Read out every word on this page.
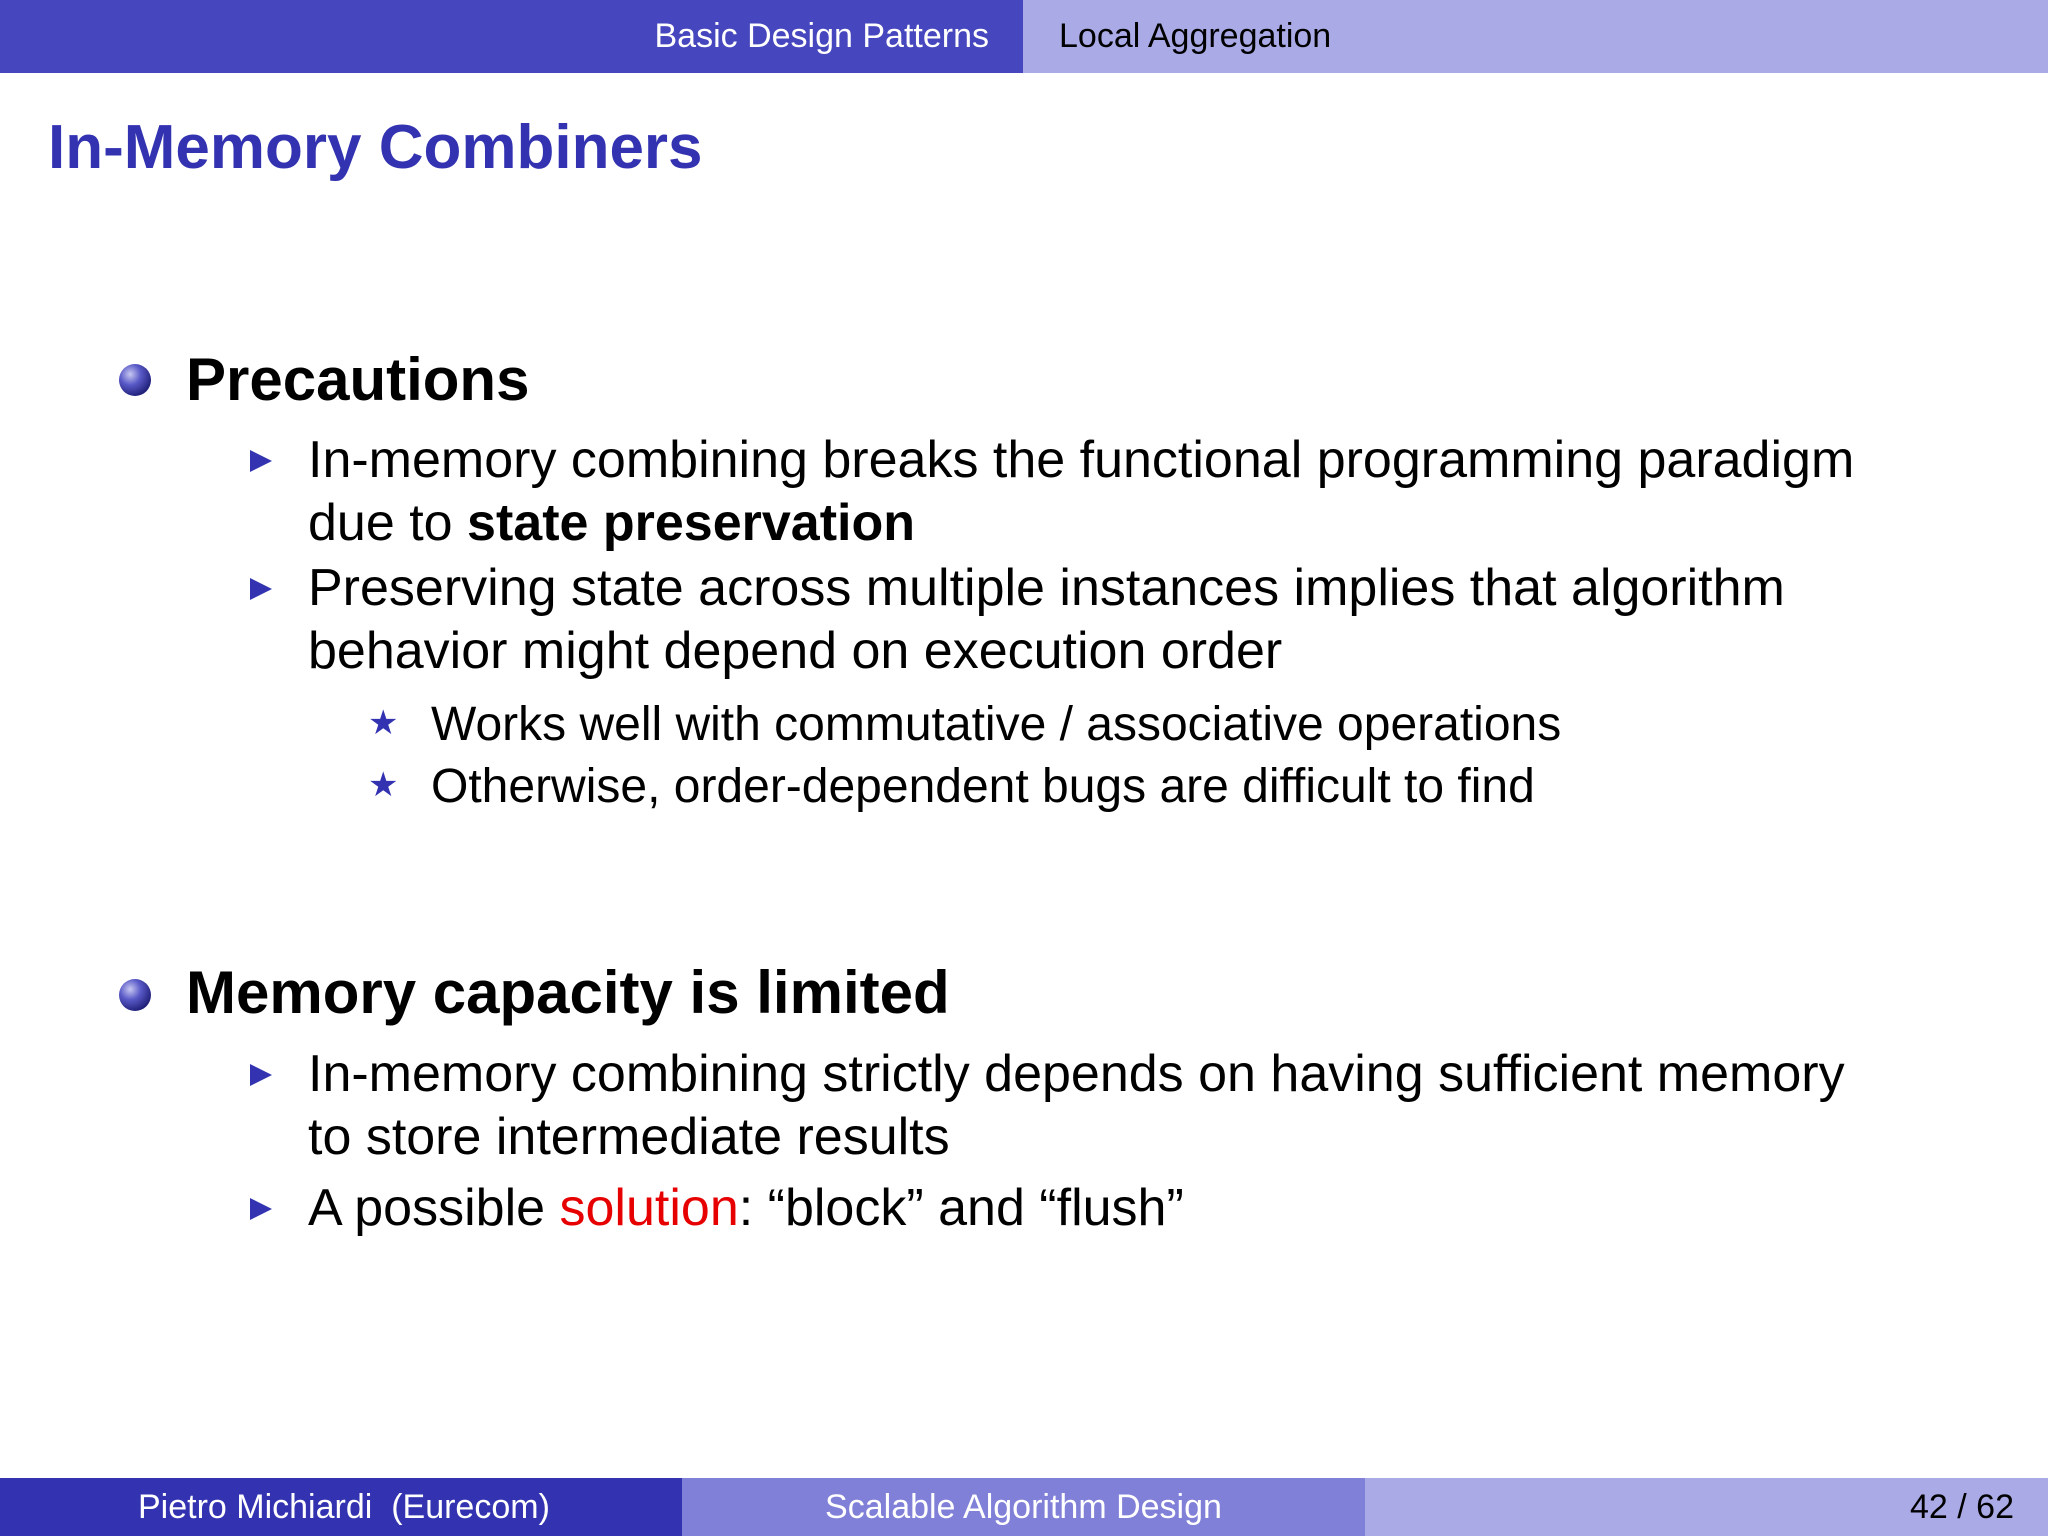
Basic Design Patterns Local Aggregation
In-Memory Combiners
Precautions
In-memory combining breaks the functional programming paradigm
due to state preservation
Preserving state across multiple instances implies that algorithm
behavior might depend on execution order
★ Works well with commutative / associative operations
★ Otherwise, order-dependent bugs are difficult to find
Memory capacity is limited
In-memory combining strictly depends on having sufficient memory
to store intermediate results
A possible solution: “block” and “flush”
Pietro Michiardi  (Eurecom)	Scalable Algorithm Design	42 / 62
